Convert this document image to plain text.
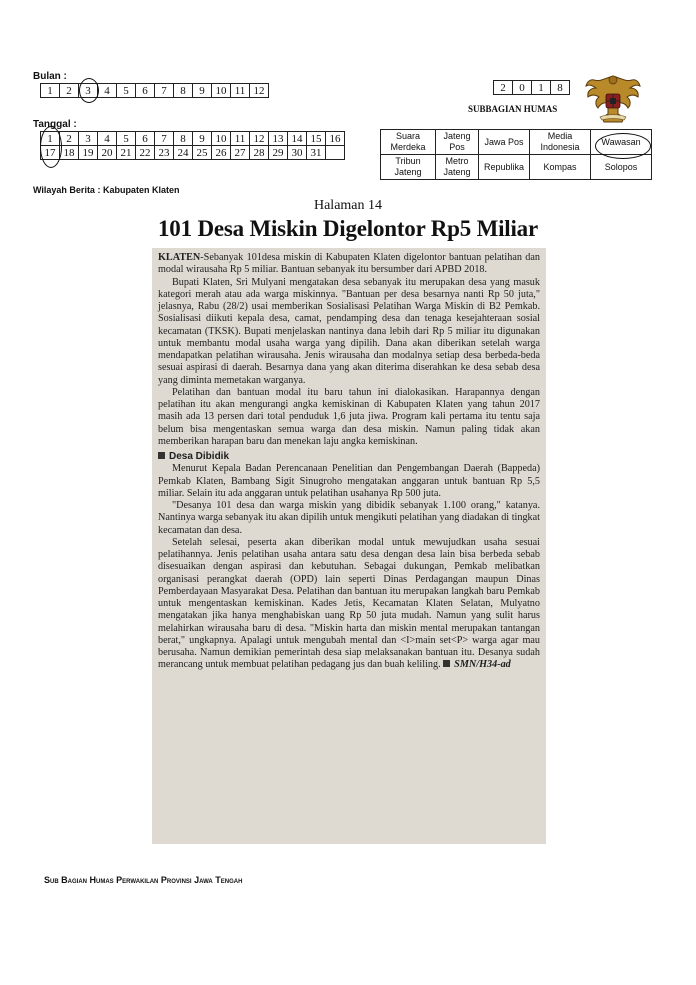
Bulan :
1	2	3	4	5	6	7	8	9	10	11	12
Tanggal :
1	2	3	4	5	6	7	8	9	10	11	12	13	14	15	16
17	18	19	20	21	22	23	24	25	26	27	28	29	30	31	
Wilayah Berita : Kabupaten Klaten
2	0	1	8
SUBBAGIAN HUMAS
Suara Merdeka	Jateng Pos	Jawa Pos	Media Indonesia	Wawasan
Tribun Jateng	Metro Jateng	Republika	Kompas	Solopos
Halaman 14
101 Desa Miskin Digelontor Rp5 Miliar

KLATEN-Sebanyak 101desa miskin di Kabupaten Klaten digelontor bantuan pelatihan dan modal wirausaha Rp 5 miliar. Bantuan sebanyak itu bersumber dari APBD 2018.

Bupati Klaten, Sri Mulyani mengatakan desa sebanyak itu merupakan desa yang masuk kategori merah atau ada warga miskinnya. "Bantuan per desa besarnya nanti Rp 50 juta," jelasnya, Rabu (28/2) usai memberikan Sosialisasi Pelatihan Warga Miskin di B2 Pemkab. Sosialisasi diikuti kepala desa, camat, pendamping desa dan tenaga kesejahteraan sosial kecamatan (TKSK). Bupati menjelaskan nantinya dana lebih dari Rp 5 miliar itu digunakan untuk membantu modal usaha warga yang dipilih. Dana akan diberikan setelah warga mendapatkan pelatihan wirausaha. Jenis wirausaha dan modalnya setiap desa berbeda-beda sesuai aspirasi di daerah. Besarnya dana yang akan diterima diserahkan ke desa sebab desa yang diminta memetakan warganya.

Pelatihan dan bantuan modal itu baru tahun ini dialokasikan. Harapannya dengan pelatihan itu akan mengurangi angka kemiskinan di Kabupaten Klaten yang tahun 2017 masih ada 13 persen dari total penduduk 1,6 juta jiwa. Program kali pertama itu tentu saja belum bisa mengentaskan semua warga dan desa miskin. Namun paling tidak akan memberikan harapan baru dan menekan laju angka kemiskinan.

Desa Dibidik

Menurut Kepala Badan Perencanaan Penelitian dan Pengembangan Daerah (Bappeda) Pemkab Klaten, Bambang Sigit Sinugroho mengatakan anggaran untuk bantuan Rp 5,5 miliar. Selain itu ada anggaran untuk pelatihan usahanya Rp 500 juta.

"Desanya 101 desa dan warga miskin yang dibidik sebanyak 1.100 orang," katanya. Nantinya warga sebanyak itu akan dipilih untuk mengikuti pelatihan yang diadakan di tingkat kecamatan dan desa.

Setelah selesai, peserta akan diberikan modal untuk mewujudkan usaha sesuai pelatihannya. Jenis pelatihan usaha antara satu desa dengan desa lain bisa berbeda sebab disesuaikan dengan aspirasi dan kebutuhan. Sebagai dukungan, Pemkab melibatkan organisasi perangkat daerah (OPD) lain seperti Dinas Perdagangan maupun Dinas Pemberdayaan Masyarakat Desa. Pelatihan dan bantuan itu merupakan langkah baru Pemkab untuk mengentaskan kemiskinan. Kades Jetis, Kecamatan Klaten Selatan, Mulyatno mengatakan jika hanya menghabiskan uang Rp 50 juta mudah. Namun yang sulit harus melahirkan wirausaha baru di desa. "Miskin harta dan miskin mental merupakan tantangan berat," ungkapnya. Apalagi untuk mengubah mental dan <I>main set<P> warga agar mau berusaha. Namun demikian pemerintah desa siap melaksanakan bantuan itu. Desanya sudah merancang untuk membuat pelatihan pedagang jus dan buah keliling. SMN/H34-ad

Sub Bagian Humas Perwakilan Provinsi Jawa Tengah
